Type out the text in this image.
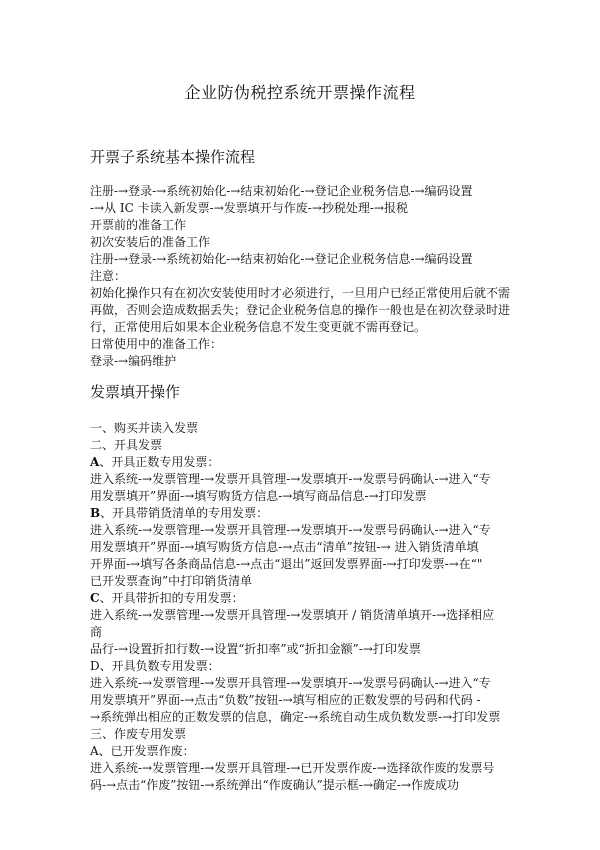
企业防伪税控系统开票操作流程
开票子系统基本操作流程

注册-→登录-→系统初始化-→结束初始化-→登记企业税务信息-→编码设置

-→从 IC 卡读入新发票-→发票填开与作废-→抄税处理-→报税

开票前的准备工作

初次安装后的准备工作

注册-→登录-→系统初始化-→结束初始化-→登记企业税务信息-→编码设置

注意：

初始化操作只有在初次安装使用时才必须进行，一旦用户已经正常使用后就不需

再做，否则会造成数据丢失；登记企业税务信息的操作一般也是在初次登录时进

行，正常使用后如果本企业税务信息不发生变更就不需再登记。

日常使用中的准备工作：

登录-→编码维护

发票填开操作

一、购买并读入发票

二、开具发票

A、开具正数专用发票：

进入系统-→发票管理-→发票开具管理-→发票填开-→发票号码确认-→进入“专

用发票填开”界面-→填写购货方信息-→填写商品信息-→打印发票

B、开具带销货清单的专用发票：

进入系统-→发票管理-→发票开具管理-→发票填开-→发票号码确认-→进入“专

用发票填开”界面-→填写购货方信息-→点击“清单”按钮-→ 进入销货清单填

开界面-→填写各条商品信息-→点击“退出”返回发票界面-→打印发票-→在“"

已开发票查询”中打印销货清单

C、开具带折扣的专用发票：

进入系统-→发票管理-→发票开具管理-→发票填开 / 销货清单填开-→选择相应

商

品行-→设置折扣行数-→设置“折扣率”或“折扣金额”-→打印发票

D、开具负数专用发票：

进入系统-→发票管理-→发票开具管理-→发票填开-→发票号码确认-→进入“专

用发票填开”界面-→点击“负数”按钮-→填写相应的正数发票的号码和代码 -

→系统弹出相应的正数发票的信息，确定-→系统自动生成负数发票-→打印发票

三、作废专用发票

A、已开发票作废：

进入系统-→发票管理-→发票开具管理-→已开发票作废-→选择欲作废的发票号

码-→点击“作废”按钮-→系统弹出“作废确认”提示框-→确定-→作废成功
